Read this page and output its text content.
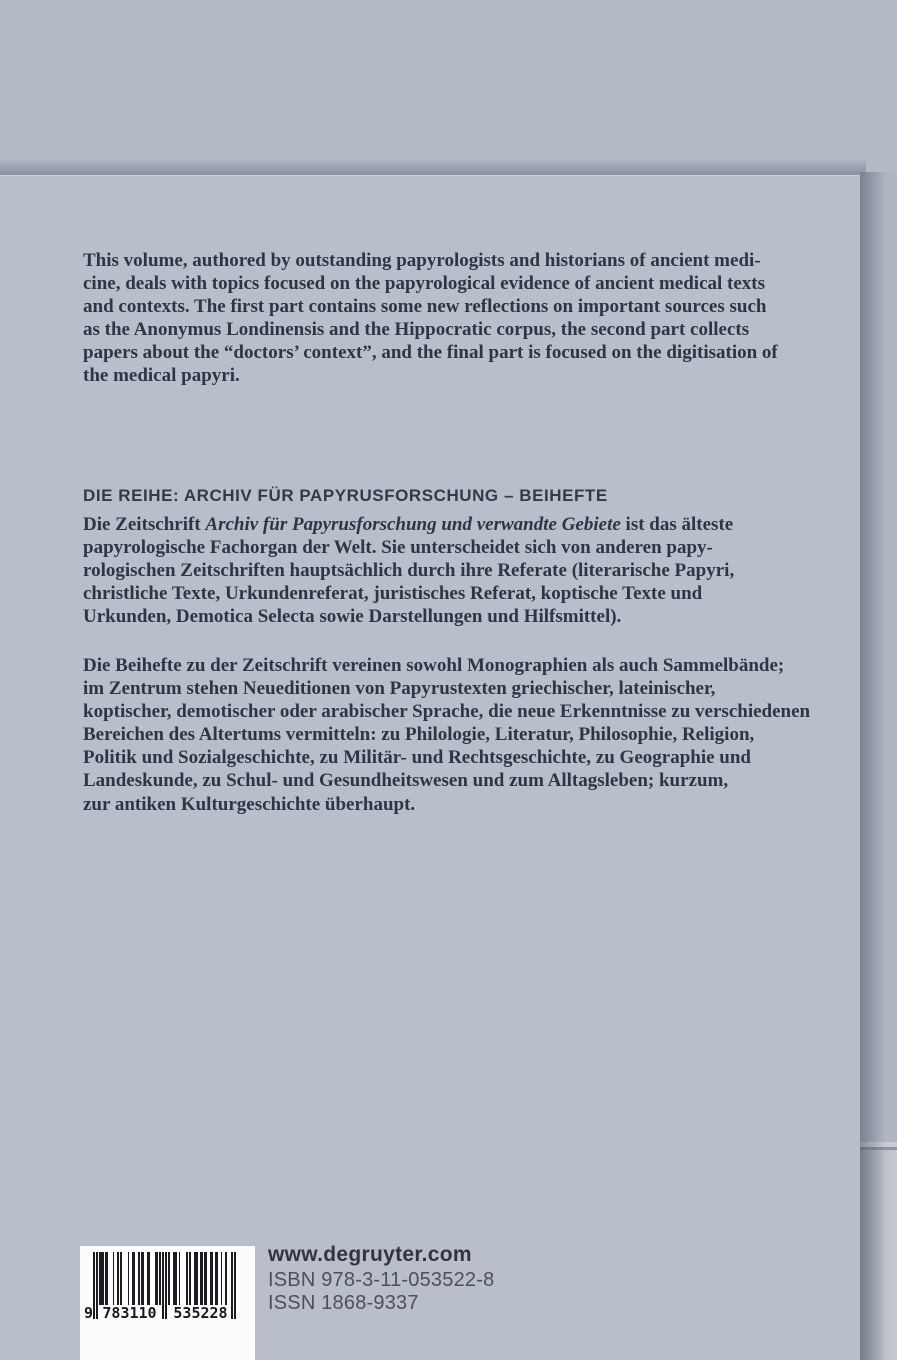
This volume, authored by outstanding papyrologists and historians of ancient medi-
cine, deals with topics focused on the papyrological evidence of ancient medical texts
and contexts. The first part contains some new reflections on important sources such
as the Anonymus Londinensis and the Hippocratic corpus, the second part collects
papers about the “doctors’ context”, and the final part is focused on the digitisation of
the medical papyri.
DIE REIHE: ARCHIV FÜR PAPYRUSFORSCHUNG – BEIHEFTE
Die Zeitschrift Archiv für Papyrusforschung und verwandte Gebiete ist das älteste
papyrologische Fachorgan der Welt. Sie unterscheidet sich von anderen papy-
rologischen Zeitschriften hauptsächlich durch ihre Referate (literarische Papyri,
christliche Texte, Urkundenreferat, juristisches Referat, koptische Texte und
Urkunden, Demotica Selecta sowie Darstellungen und Hilfsmittel).
Die Beihefte zu der Zeitschrift vereinen sowohl Monographien als auch Sammelbände;
im Zentrum stehen Neueditionen von Papyrustexten griechischer, lateinischer,
koptischer, demotischer oder arabischer Sprache, die neue Erkenntnisse zu verschiedenen
Bereichen des Altertums vermitteln: zu Philologie, Literatur, Philosophie, Religion,
Politik und Sozialgeschichte, zu Militär- und Rechtsgeschichte, zu Geographie und
Landeskunde, zu Schul- und Gesundheitswesen und zum Alltagsleben; kurzum,
zur antiken Kulturgeschichte überhaupt.
9 783110	535228
www.degruyter.com
ISBN 978-3-11-053522-8
ISSN 1868-9337
